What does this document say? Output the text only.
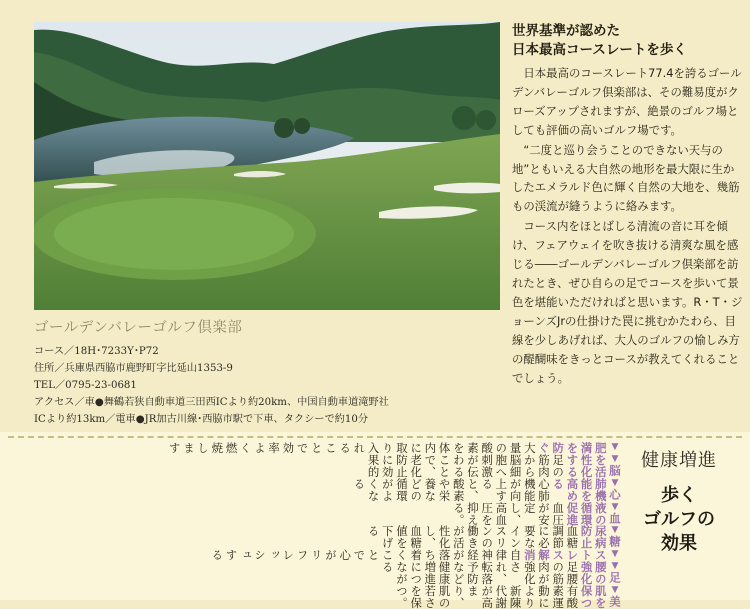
世界基準が認めた
日本最高コースレートを歩く

日本最高のコースレート77.4を誇るゴールデンバレーゴルフ倶楽部は、その難易度がクローズアップされますが、絶景のゴルフ場としても評価の高いゴルフ場です。

“二度と巡り会うことのできない天与の地”ともいえる大自然の地形を最大限に生かしたエメラルド色に輝く自然の大地を、幾筋もの渓流が縫うように絡みます。

コース内をほとばしる清流の音に耳を傾け、フェアウェイを吹き抜ける清爽な風を感じる――ゴールデンバレーゴルフ倶楽部を訪れたとき、ぜひ自らの足でコースを歩いて景色を堪能いただければと思います。R・T・ジョーンズJrの仕掛けた罠に挑むかたわら、目線を少しあげれば、大人のゴルフの愉しみ方の醍醐味をきっとコースが教えてくれることでしょう。

ゴールデンバレーゴルフ倶楽部
コース／18H･7233Y･P72
住所／兵庫県西脇市鹿野町字比延山1353-9
TEL／0795-23-0681
アクセス／車●舞鶴若狭自動車道三田西ICより約20km、中国自動車道滝野社
ICより約13km／電車●JR加古川線･西脇市駅で下車、タクシーで約10分
▼肥満を防ぐ
大量の酸素を体内に取り入れることで効率よく燃焼します
▼脳を活性化する
足の筋肉から脳細胞へ刺激が伝わることで、老化防止に効果的
▼心肺機能を高める
心肺機能が向上すると、酸素や栄養などの循環がよくなる
▼血液の循環促進
血圧が安定し、高血圧を抑える。
▼糖尿病防止
血糖調節に必要なインスリンの働きが活性化し、血糖値を下げる
▼ストレス解消
自律神経が落ち着くことで心がリフレッシュする
▼足腰の強化
足腰の筋肉が強化され、転落予防など健康増進につながる
▼美肌を保つ
有酸素運動により新陳代謝が高まり、肌の若さを保つ。
健康増進
歩く
ゴルフの
効果
